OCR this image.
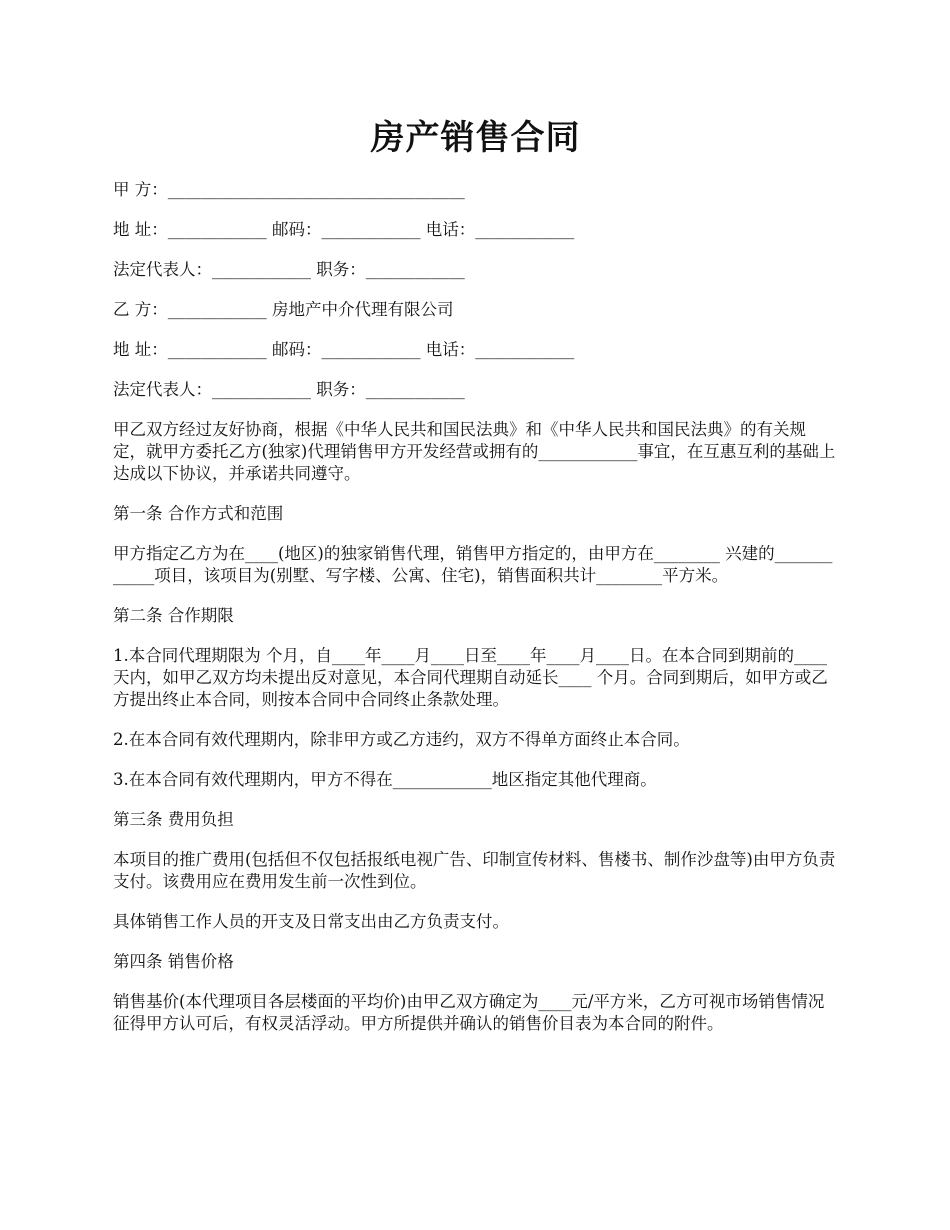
房产销售合同

甲 方：____________________________________

地 址：____________ 邮码：____________ 电话：____________

法定代表人：____________ 职务：____________

乙 方：____________ 房地产中介代理有限公司

地 址：____________ 邮码：____________ 电话：____________

法定代表人：____________ 职务：____________

甲乙双方经过友好协商，根据《中华人民共和国民法典》和《中华人民共和国民法典》的有关规定，就甲方委托乙方(独家)代理销售甲方开发经营或拥有的____________事宜，在互惠互利的基础上达成以下协议，并承诺共同遵守。

第一条 合作方式和范围

甲方指定乙方为在____(地区)的独家销售代理，销售甲方指定的，由甲方在________ 兴建的____________项目，该项目为(别墅、写字楼、公寓、住宅)，销售面积共计________平方米。

第二条 合作期限

1.本合同代理期限为 个月，自____年____月____日至____年____月____日。在本合同到期前的____天内，如甲乙双方均未提出反对意见，本合同代理期自动延长____ 个月。合同到期后，如甲方或乙方提出终止本合同，则按本合同中合同终止条款处理。

2.在本合同有效代理期内，除非甲方或乙方违约，双方不得单方面终止本合同。

3.在本合同有效代理期内，甲方不得在____________地区指定其他代理商。

第三条 费用负担

本项目的推广费用(包括但不仅包括报纸电视广告、印制宣传材料、售楼书、制作沙盘等)由甲方负责支付。该费用应在费用发生前一次性到位。

具体销售工作人员的开支及日常支出由乙方负责支付。

第四条 销售价格

销售基价(本代理项目各层楼面的平均价)由甲乙双方确定为____元/平方米，乙方可视市场销售情况征得甲方认可后，有权灵活浮动。甲方所提供并确认的销售价目表为本合同的附件。
